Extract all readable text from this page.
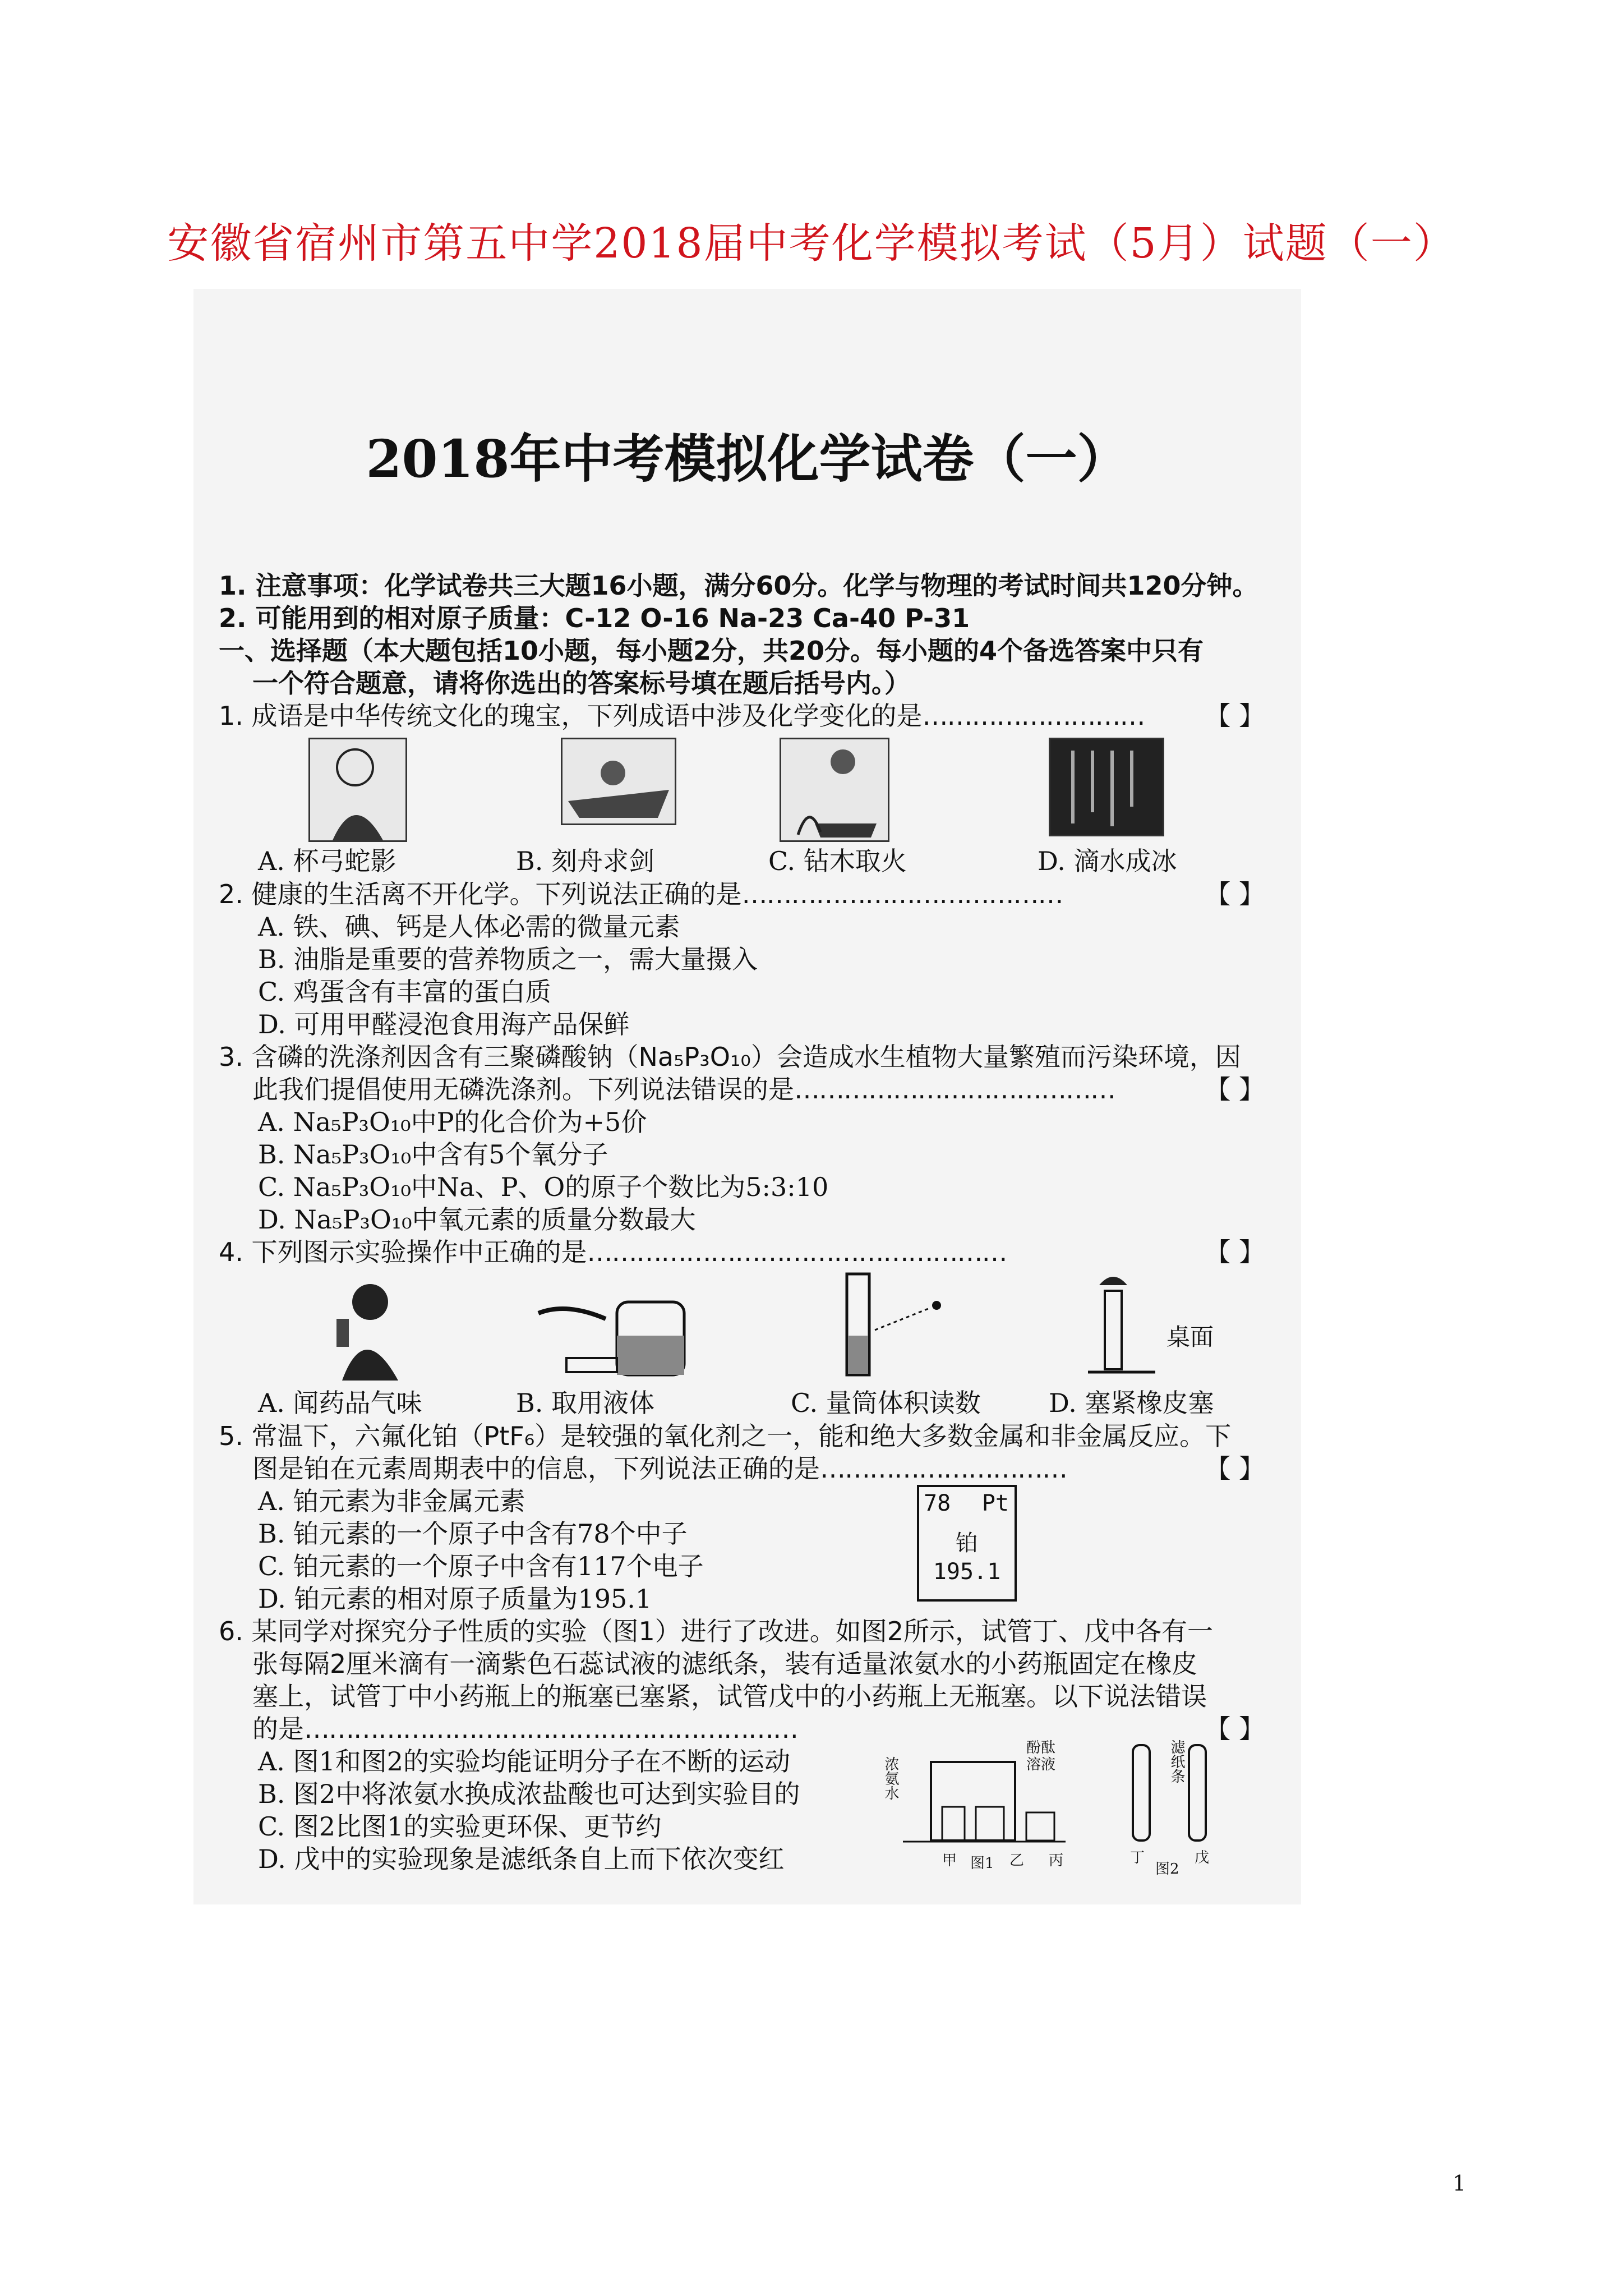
安徽省宿州市第五中学2018届中考化学模拟考试（5月）试题（一）
2018年中考模拟化学试卷（一）
1. 注意事项：化学试卷共三大题16小题，满分60分。化学与物理的考试时间共120分钟。
2. 可能用到的相对原子质量：C-12 O-16 Na-23 Ca-40 P-31
一、选择题（本大题包括10小题，每小题2分，共20分。每小题的4个备选答案中只有
一个符合题意，请将你选出的答案标号填在题后括号内。）
1. 成语是中华传统文化的瑰宝，下列成语中涉及化学变化的是……………………… 【 】
A. 杯弓蛇影	B. 刻舟求剑	C. 钻木取火	D. 滴水成冰
2. 健康的生活离不开化学。下列说法正确的是…………………………………	【 】
A. 铁、碘、钙是人体必需的微量元素
B. 油脂是重要的营养物质之一，需大量摄入
C. 鸡蛋含有丰富的蛋白质
D. 可用甲醛浸泡食用海产品保鲜
3. 含磷的洗涤剂因含有三聚磷酸钠（Na₅P₃O₁₀）会造成水生植物大量繁殖而污染环境，因
此我们提倡使用无磷洗涤剂。下列说法错误的是…………………………………	【 】
A. Na₅P₃O₁₀中P的化合价为+5价
B. Na₅P₃O₁₀中含有5个氧分子
C. Na₅P₃O₁₀中Na、P、O的原子个数比为5:3:10
D. Na₅P₃O₁₀中氧元素的质量分数最大
4. 下列图示实验操作中正确的是……………………………………………	【 】
桌面
A. 闻药品气味	B. 取用液体	C. 量筒体积读数	D. 塞紧橡皮塞
5. 常温下，六氟化铂（PtF₆）是较强的氧化剂之一，能和绝大多数金属和非金属反应。下
图是铂在元素周期表中的信息，下列说法正确的是…………………………	【 】
A. 铂元素为非金属元素
B. 铂元素的一个原子中含有78个中子
C. 铂元素的一个原子中含有117个电子
D. 铂元素的相对原子质量为195.1
78 Pt
铂
195.1
6. 某同学对探究分子性质的实验（图1）进行了改进。如图2所示，试管丁、戊中各有一
张每隔2厘米滴有一滴紫色石蕊试液的滤纸条，装有适量浓氨水的小药瓶固定在橡皮
塞上，试管丁中小药瓶上的瓶塞已塞紧，试管戊中的小药瓶上无瓶塞。以下说法错误
的是……………………………………………………	【 】
A. 图1和图2的实验均能证明分子在不断的运动
B. 图2中将浓氨水换成浓盐酸也可达到实验目的
C. 图2比图1的实验更环保、更节约
D. 戊中的实验现象是滤纸条自上而下依次变红
浓氨水
酚酞溶液	滤纸条
甲 图1 乙 丙	丁
图2
戊
1
